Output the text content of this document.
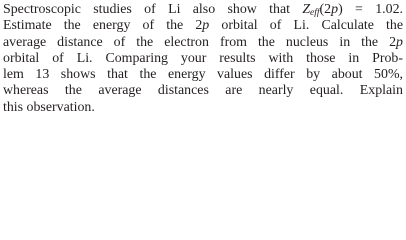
Spectroscopic studies of Li also show that $Z_{eff}(2p) = 1.02$.
Estimate the energy of the 2p orbital of Li. Calculate the
average distance of the electron from the nucleus in the 2p
orbital of Li. Comparing your results with those in Prob-
lem 13 shows that the energy values differ by about 50%,
whereas the average distances are nearly equal. Explain
this observation.
